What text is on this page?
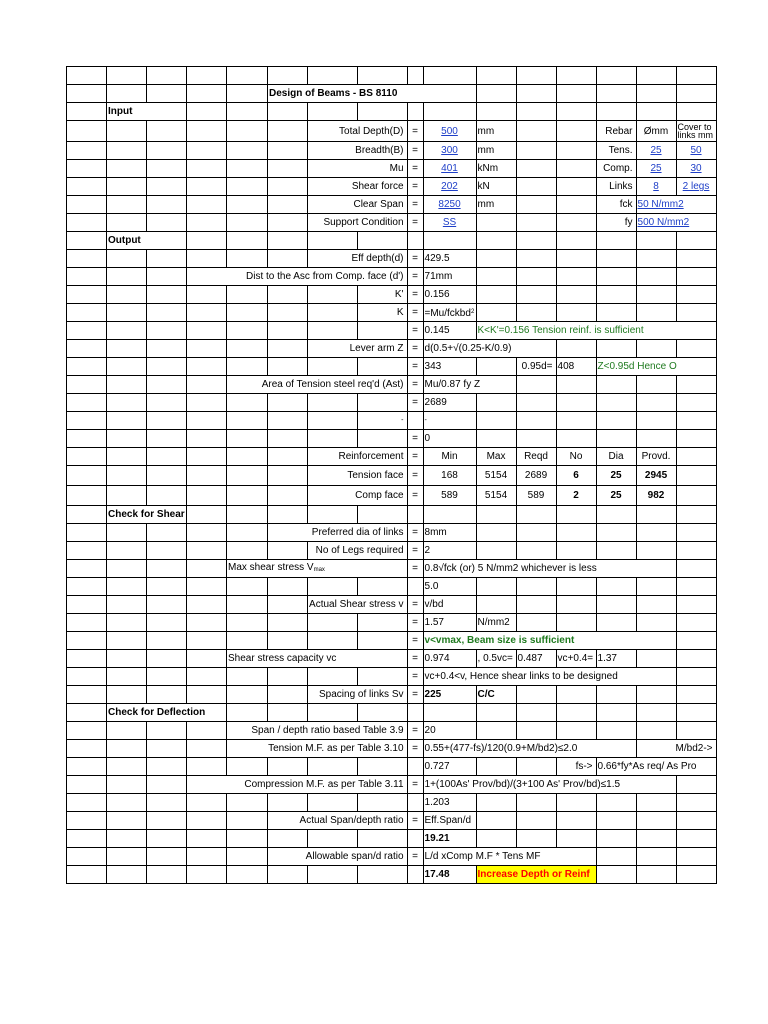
					Design of Beams - BS 8110										
	Input														
						Total Depth(D)		=	500	mm			Rebar	Ømm	Cover to links mm

						Breadth(B)		=	300	mm			Tens.	25	50
						Mu		=	401	kNm			Comp.	25	30
						Shear force		=	202	kN			Links	8	2 legs
						Clear Span		=	8250	mm			fck	50 N/mm2	
						Support Condition		=	SS				fy	500 N/mm2	
	Output														
						Eff depth(d)		=	429.5						
			Dist to the Asc from Comp. face (d')					=	71mm						
							K'	=	0.156						
							K	=	=Mu/fckbd$^2$						
								=	0.145	K<K'=0.156 Tension reinf. is sufficient					
						Lever arm Z		=	d(0.5+√(0.25-K/0.9)						
								=	343		0.95d=	408	Z<0.95d Hence O		
				Area of Tension steel req'd (Ast)				=	Mu/0.87 fy Z						
								=	2689						
							-		-						
								=	0						
						Reinforcement		=	Min	Max	Reqd	No	Dia	Provd.	
						Tension face		=	168	5154	2689	6	25	2945	
						Comp face		=	589	5154	589	2	25	982	
	Check for Shear														
					Preferred dia of links			=	8mm						
						No of Legs required		=	2						
				Max shear stress $V_{max}$				=	0.8√fck (or) 5 N/mm2 whichever is less						
									5.0						
						Actual Shear stress v		=	v/bd						
								=	1.57	N/mm2					
								=	v<vmax, Beam size is sufficient						
				Shear stress capacity vc				=	0.974	, 0.5vc=	0.487	vc+0.4=	1.37		
								=	vc+0.4<v, Hence shear links to be designed						
						Spacing of links Sv		=	225	C/C					
	Check for Deflection														
				Span / depth ratio based Table 3.9				=	20						
				Tension M.F. as per Table 3.10				=	0.55+(477-fs)/120(0.9+M/bd2)≤2.0					M/bd2->	
									0.727			fs->	0.66*fy*As req/ As Pro		
			Compression M.F. as per Table 3.11					=	1+(100As' Prov/bd)/(3+100 As' Prov/bd)≤1.5						
									1.203						
					Actual Span/depth ratio			=	Eff.Span/d						
									19.21						
					Allowable span/d ratio			=	L/d xComp M.F * Tens MF						
									17.48	Increase Depth or Reinf					
